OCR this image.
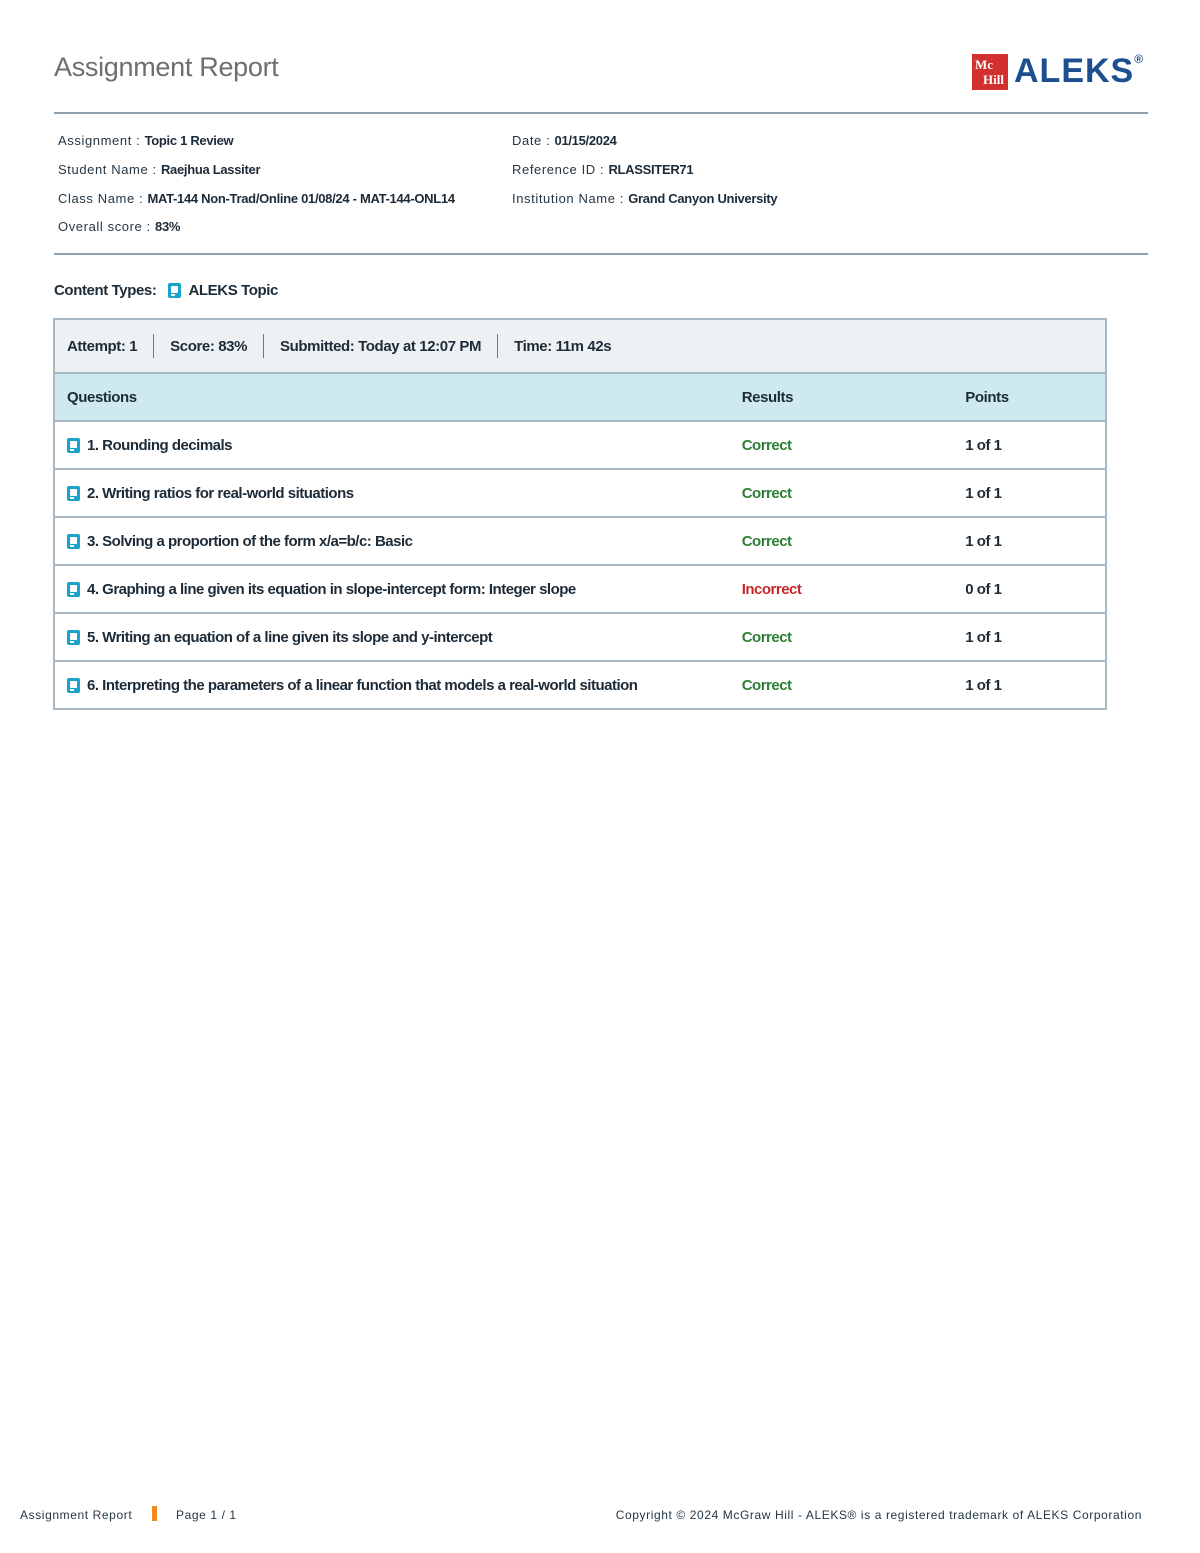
Assignment Report	Mc
Hill ALEKS®
Assignment : Topic 1 Review
Student Name : Raejhua Lassiter
Class Name : MAT-144 Non-Trad/Online 01/08/24 - MAT-144-ONL14
Overall score : 83%
Date : 01/15/2024
Reference ID : RLASSITER71
Institution Name : Grand Canyon University
Content Types: ALEKS Topic
Attempt: 1 Score: 83% Submitted: Today at 12:07 PM Time: 11m 42s
Questions	Results	Points
1. Rounding decimals	Correct	1 of 1
2. Writing ratios for real-world situations	Correct	1 of 1
3. Solving a proportion of the form x/a=b/c: Basic	Correct	1 of 1
4. Graphing a line given its equation in slope-intercept form: Integer slope	Incorrect	0 of 1
5. Writing an equation of a line given its slope and y-intercept	Correct	1 of 1
6. Interpreting the parameters of a linear function that models a real-world situation	Correct	1 of 1
Assignment Report	Page 1 / 1	Copyright © 2024 McGraw Hill - ALEKS® is a registered trademark of ALEKS Corporation
